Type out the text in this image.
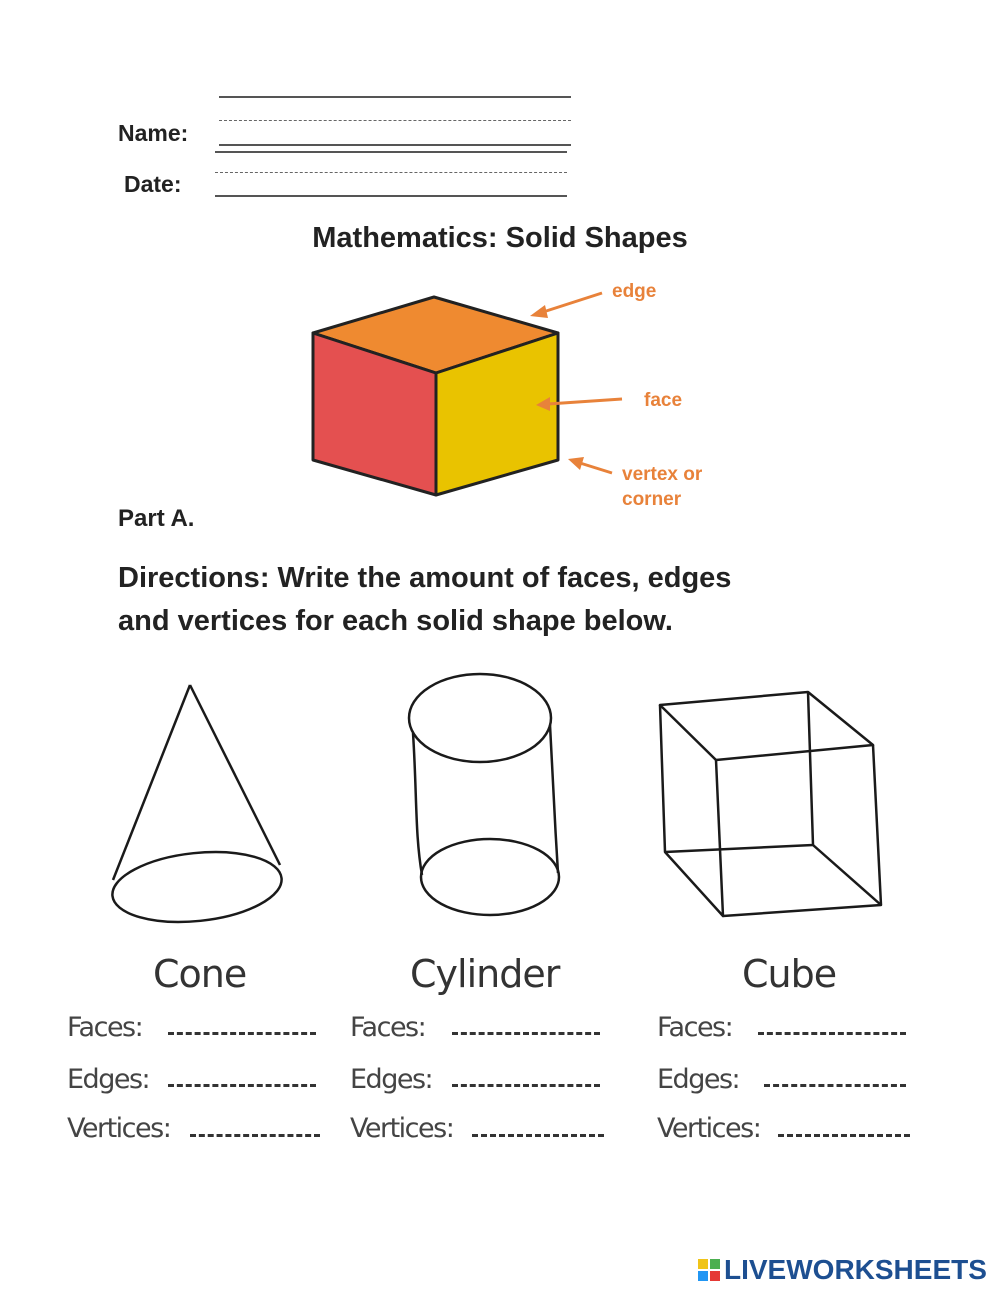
Name:
Date:
Mathematics: Solid Shapes
edge
face
vertex or
corner
Part A.
Directions: Write the amount of faces, edges
and vertices for each solid shape below.
Cone	Cylinder	Cube
Faces:
Edges:
Vertices:
Faces:
Edges:
Vertices:
Faces:
Edges:
Vertices:
LIVEWORKSHEETS
